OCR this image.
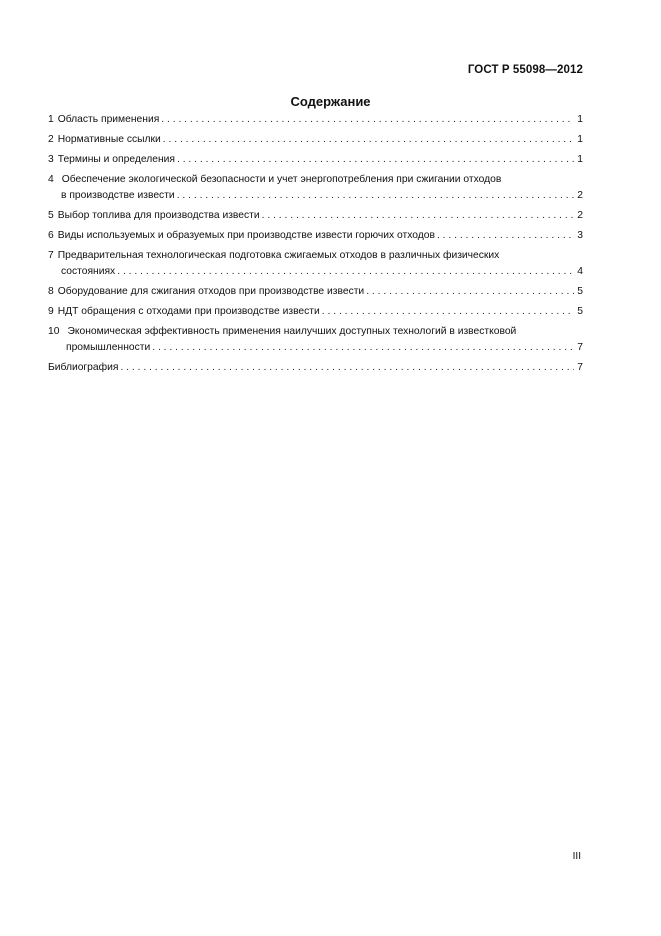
ГОСТ Р 55098—2012
Содержание
1 Область применения . . .	1
2 Нормативные ссылки . . .	1
3 Термины и определения . . .	1
4 Обеспечение экологической безопасности и учет энергопотребления при сжигании отходов
в производстве извести . . .	2
5 Выбор топлива для производства извести . . .	2
6 Виды используемых и образуемых при производстве извести горючих отходов . . .	3
7 Предварительная технологическая подготовка сжигаемых отходов в различных физических
состояниях . . .	4
8 Оборудование для сжигания отходов при производстве извести . . .	5
9 НДТ обращения с отходами при производстве извести . . .	5
10 Экономическая эффективность применения наилучших доступных технологий в известковой
промышленности . . .	7
Библиография . . .	7
III
